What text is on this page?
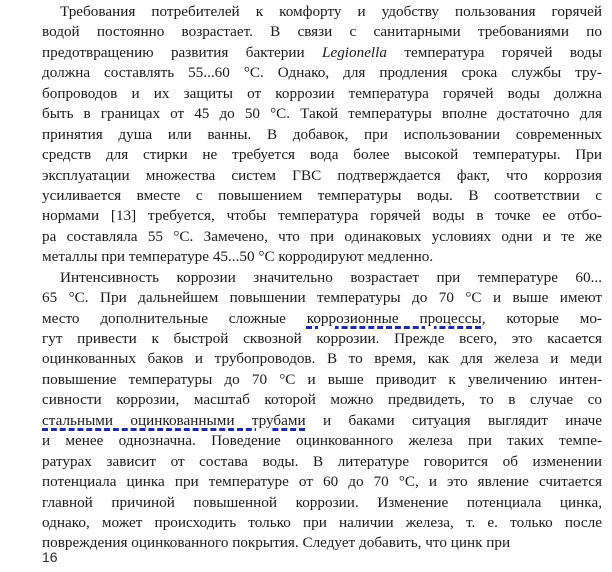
Требования потребителей к комфорту и удобству пользования горячей
водой постоянно возрастает. В связи с санитарными требованиями по
предотвращению развития бактерии Legionella температура горячей воды
должна составлять 55...60 °C. Однако, для продления срока службы тру-
бопроводов и их защиты от коррозии температура горячей воды должна
быть в границах от 45 до 50 °C. Такой температуры вполне достаточно для
принятия душа или ванны. В добавок, при использовании современных
средств для стирки не требуется вода более высокой температуры. При
эксплуатации множества систем ГВС подтверждается факт, что коррозия
усиливается вместе с повышением температуры воды. В соответствии с
нормами [13] требуется, чтобы температура горячей воды в точке ее отбо-
ра составляла 55 °C. Замечено, что при одинаковых условиях одни и те же
металлы при температуре 45...50 °C корродируют медленно.
Интенсивность коррозии значительно возрастает при температуре 60...
65 °C. При дальнейшем повышении температуры до 70 °C и выше имеют
место дополнительные сложные коррозионные процессы, которые мо-
гут привести к быстрой сквозной коррозии. Прежде всего, это касается
оцинкованных баков и трубопроводов. В то время, как для железа и меди
повышение температуры до 70 °C и выше приводит к увеличению интен-
сивности коррозии, масштаб которой можно предвидеть, то в случае со
стальными оцинкованными трубами и баками ситуация выглядит иначе
и менее однозначна. Поведение оцинкованного железа при таких темпе-
ратурах зависит от состава воды. В литературе говорится об изменении
потенциала цинка при температуре от 60 до 70 °C, и это явление считается
главной причиной повышенной коррозии. Изменение потенциала цинка,
однако, может происходить только при наличии железа, т. е. только после
повреждения оцинкованного покрытия. Следует добавить, что цинк при
16
